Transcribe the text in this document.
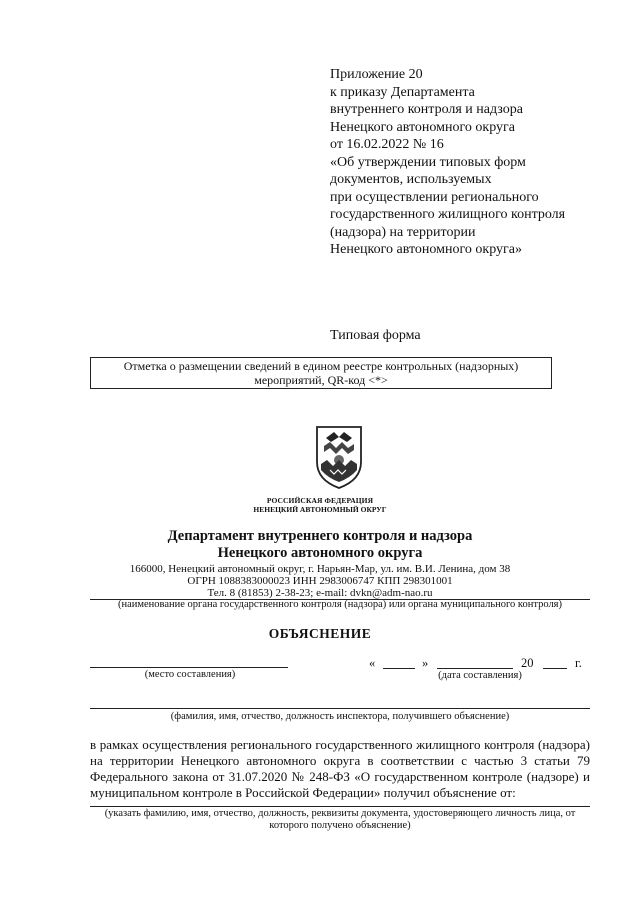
Приложение 20
к приказу Департамента
внутреннего контроля и надзора
Ненецкого автономного округа
от 16.02.2022 № 16
«Об утверждении типовых форм
документов, используемых
при осуществлении регионального
государственного жилищного контроля
(надзора) на территории
Ненецкого автономного округа»
Типовая форма
Отметка о размещении сведений в едином реестре контрольных (надзорных)
мероприятий, QR-код <*>
РОССИЙСКАЯ ФЕДЕРАЦИЯ
НЕНЕЦКИЙ АВТОНОМНЫЙ ОКРУГ
Департамент внутреннего контроля и надзора
Ненецкого автономного округа
166000, Ненецкий автономный округ, г. Нарьян-Мар, ул. им. В.И. Ленина, дом 38
ОГРН 1088383000023 ИНН 2983006747 КПП 298301001
Тел. 8 (81853) 2-38-23; e-mail: dvkn@adm-nao.ru
(наименование органа государственного контроля (надзора) или органа муниципального контроля)
ОБЪЯСНЕНИЕ
(место составления)
«	»	20	г.
(дата составления)
(фамилия, имя, отчество, должность инспектора, получившего объяснение)
в рамках осуществления регионального государственного жилищного контроля (надзора) на территории Ненецкого автономного округа в соответствии с частью 3 статьи 79 Федерального закона от 31.07.2020 № 248-ФЗ «О государственном контроле (надзоре) и муниципальном контроле в Российской Федерации» получил объяснение от:
(указать фамилию, имя, отчество, должность, реквизиты документа, удостоверяющего личность лица, от
которого получено объяснение)
